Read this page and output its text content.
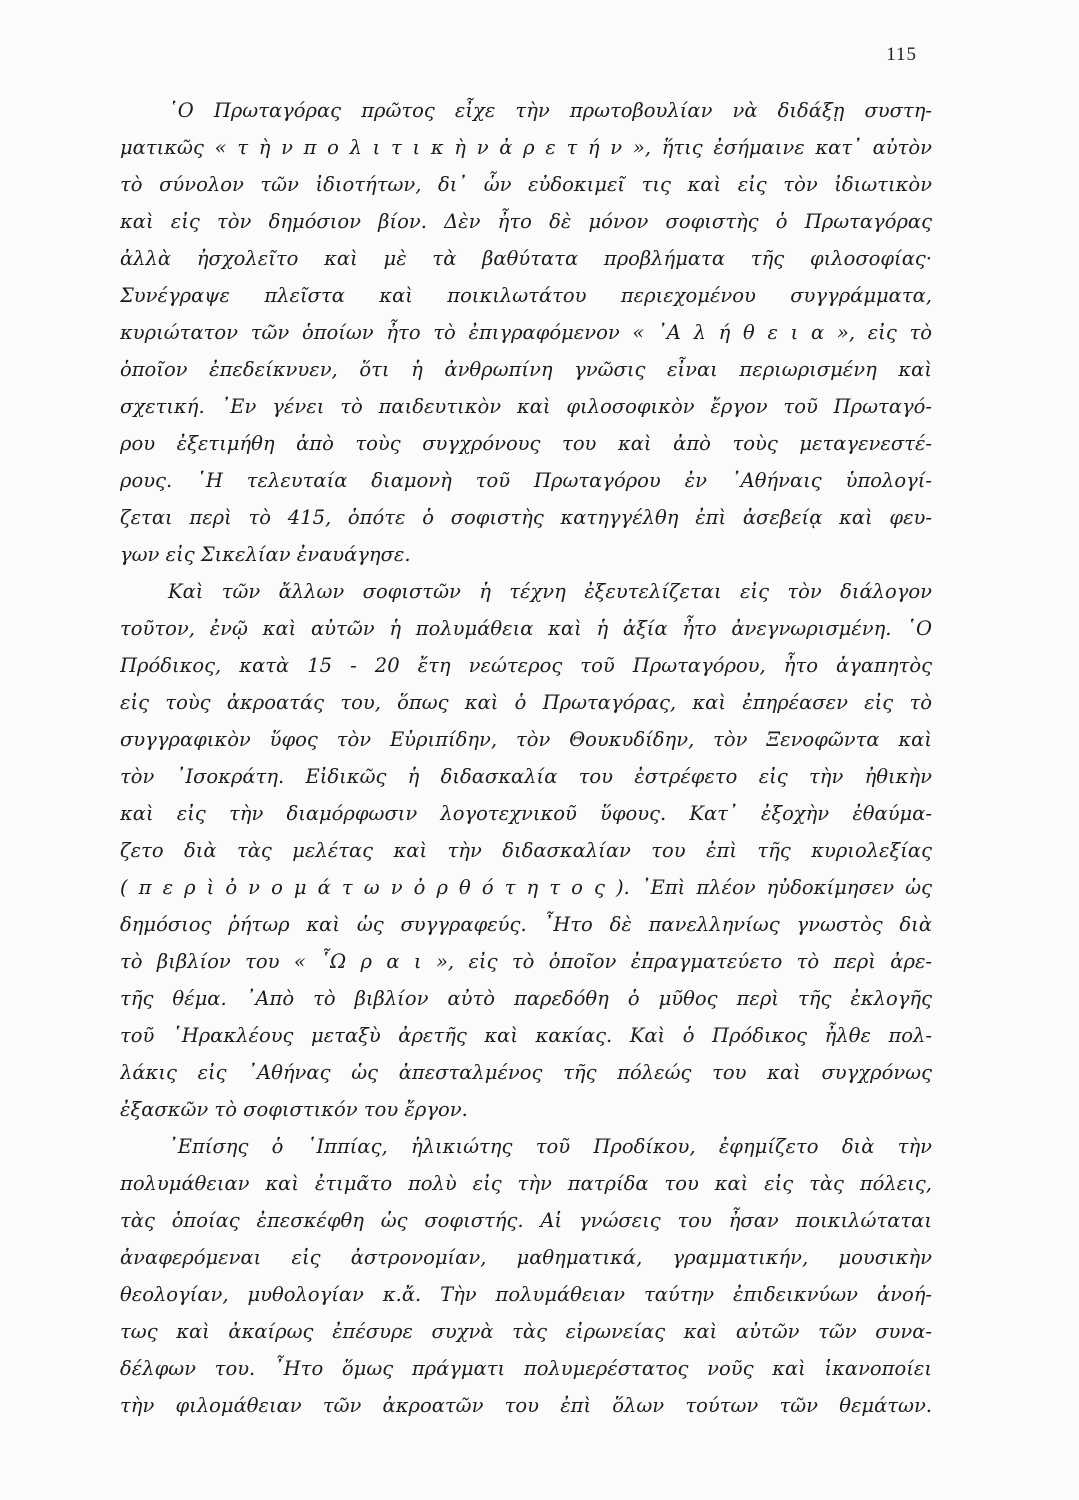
115
῾Ο Πρωταγόρας πρῶτος εἶχε τὴν πρωτοβουλίαν νὰ διδάξῃ συστη-
ματικῶς « τ ὴ ν π ο λ ι τ ι κ ὴ ν ἀ ρ ε τ ή ν », ἥτις ἐσήμαινε κατ᾿ αὐτὸν
τὸ σύνολον τῶν ἰδιοτήτων, δι᾿ ὧν εὐδοκιμεῖ τις καὶ εἰς τὸν ἰδιωτικὸν
καὶ εἰς τὸν δημόσιον βίον. Δὲν ἦτο δὲ μόνον σοφιστὴς ὁ Πρωταγόρας
ἀλλὰ ἠσχολεῖτο καὶ μὲ τὰ βαθύτατα προβλήματα τῆς φιλοσοφίας·
Συνέγραψε πλεῖστα καὶ ποικιλωτάτου περιεχομένου συγγράμματα,
κυριώτατον τῶν ὁποίων ἦτο τὸ ἐπιγραφόμενον « ᾿Α λ ή θ ε ι α », εἰς τὸ
ὁποῖον ἐπεδείκνυεν, ὅτι ἡ ἀνθρωπίνη γνῶσις εἶναι περιωρισμένη καὶ
σχετική. ᾿Εν γένει τὸ παιδευτικὸν καὶ φιλοσοφικὸν ἔργον τοῦ Πρωταγό-
ρου ἐξετιμήθη ἀπὸ τοὺς συγχρόνους του καὶ ἀπὸ τοὺς μεταγενεστέ-
ρους. ῾Η τελευταία διαμονὴ τοῦ Πρωταγόρου ἐν ᾿Αθήναις ὑπολογί-
ζεται περὶ τὸ 415, ὁπότε ὁ σοφιστὴς κατηγγέλθη ἐπὶ ἀσεβείᾳ καὶ φευ-
γων εἰς Σικελίαν ἐναυάγησε.
Καὶ τῶν ἄλλων σοφιστῶν ἡ τέχνη ἐξευτελίζεται εἰς τὸν διάλογον
τοῦτον, ἐνῷ καὶ αὐτῶν ἡ πολυμάθεια καὶ ἡ ἀξία ἦτο ἀνεγνωρισμένη. ῾Ο
Πρόδικος, κατὰ 15 - 20 ἔτη νεώτερος τοῦ Πρωταγόρου, ἦτο ἀγαπητὸς
εἰς τοὺς ἀκροατάς του, ὅπως καὶ ὁ Πρωταγόρας, καὶ ἐπηρέασεν εἰς τὸ
συγγραφικὸν ὕφος τὸν Εὐριπίδην, τὸν Θουκυδίδην, τὸν Ξενοφῶντα καὶ
τὸν ᾿Ισοκράτη. Εἰδικῶς ἡ διδασκαλία του ἐστρέφετο εἰς τὴν ἠθικὴν
καὶ εἰς τὴν διαμόρφωσιν λογοτεχνικοῦ ὕφους. Κατ᾿ ἐξοχὴν ἐθαύμα-
ζετο διὰ τὰς μελέτας καὶ τὴν διδασκαλίαν του ἐπὶ τῆς κυριολεξίας
( π ε ρ ὶ ὀ ν ο μ ά τ ω ν ὀ ρ θ ό τ η τ ο ς ). ᾿Επὶ πλέον ηὐδοκίμησεν ὡς
δημόσιος ῥήτωρ καὶ ὡς συγγραφεύς. ῏Ητο δὲ πανελληνίως γνωστὸς διὰ
τὸ βιβλίον του « ῟Ω ρ α ι », εἰς τὸ ὁποῖον ἐπραγματεύετο τὸ περὶ ἀρε-
τῆς θέμα. ᾿Απὸ τὸ βιβλίον αὐτὸ παρεδόθη ὁ μῦθος περὶ τῆς ἐκλογῆς
τοῦ ῾Ηρακλέους μεταξὺ ἀρετῆς καὶ κακίας. Καὶ ὁ Πρόδικος ἦλθε πολ-
λάκις εἰς ᾿Αθήνας ὡς ἀπεσταλμένος τῆς πόλεώς του καὶ συγχρόνως
ἐξασκῶν τὸ σοφιστικόν του ἔργον.
᾿Επίσης ὁ ῾Ιππίας, ἡλικιώτης τοῦ Προδίκου, ἐφημίζετο διὰ τὴν
πολυμάθειαν καὶ ἐτιμᾶτο πολὺ εἰς τὴν πατρίδα του καὶ εἰς τὰς πόλεις,
τὰς ὁποίας ἐπεσκέφθη ὡς σοφιστής. Αἱ γνώσεις του ἦσαν ποικιλώταται
ἀναφερόμεναι εἰς ἀστρονομίαν, μαθηματικά, γραμματικήν, μουσικὴν
θεολογίαν, μυθολογίαν κ.ἄ. Τὴν πολυμάθειαν ταύτην ἐπιδεικνύων ἀνοή-
τως καὶ ἀκαίρως ἐπέσυρε συχνὰ τὰς εἰρωνείας καὶ αὐτῶν τῶν συνα-
δέλφων του. ῏Ητο ὅμως πράγματι πολυμερέστατος νοῦς καὶ ἱκανοποίει
τὴν φιλομάθειαν τῶν ἀκροατῶν του ἐπὶ ὅλων τούτων τῶν θεμάτων.
